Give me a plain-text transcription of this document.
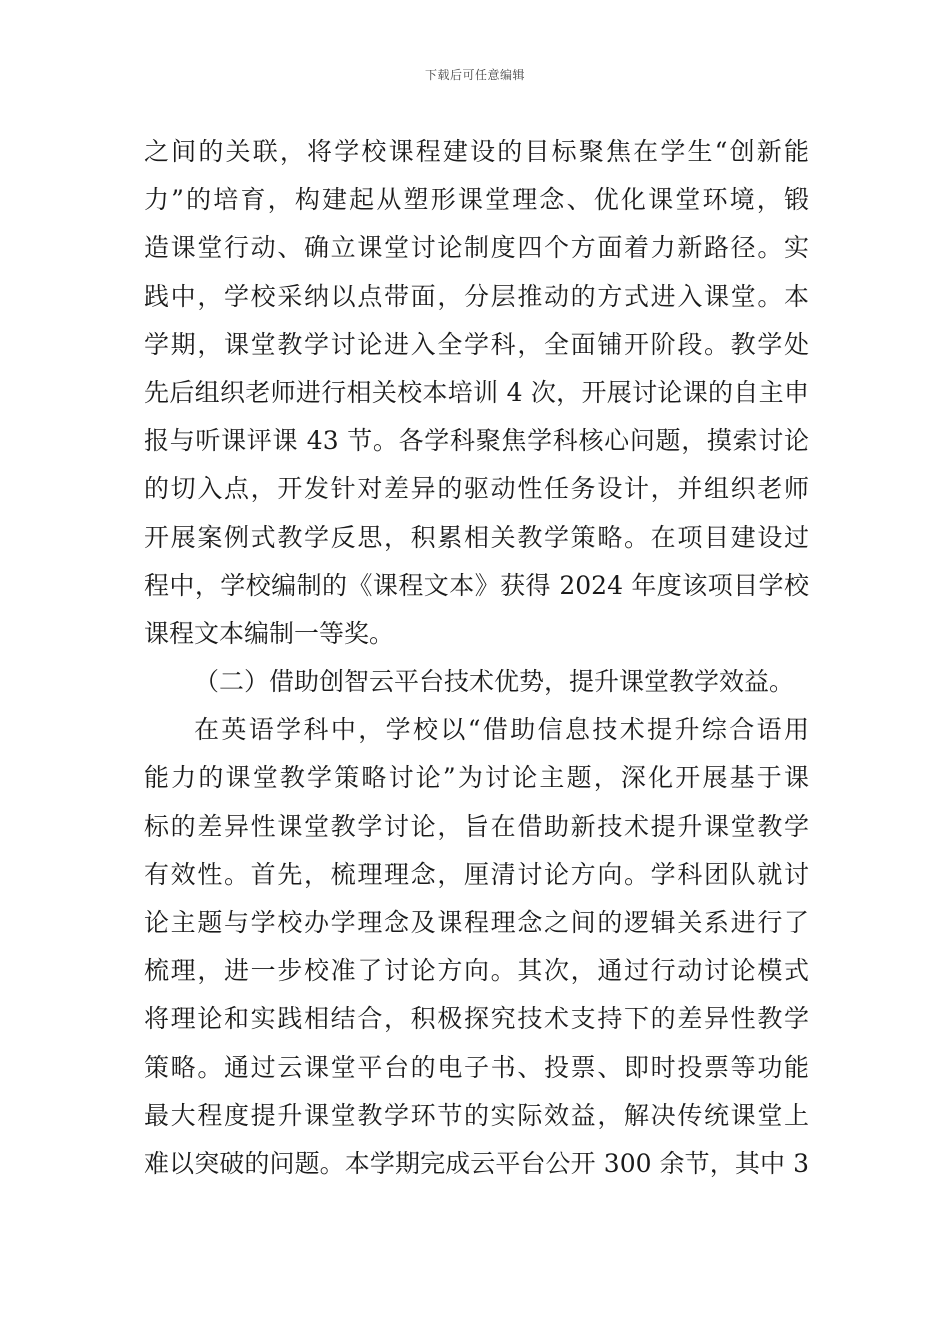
下载后可任意编辑
之间的关联，将学校课程建设的目标聚焦在学生“创新能
力”的培育，构建起从塑形课堂理念、优化课堂环境，锻
造课堂行动、确立课堂讨论制度四个方面着力新路径。实
践中，学校采纳以点带面，分层推动的方式进入课堂。本
学期，课堂教学讨论进入全学科，全面铺开阶段。教学处
先后组织老师进行相关校本培训 4 次，开展讨论课的自主申
报与听课评课 43 节。各学科聚焦学科核心问题，摸索讨论
的切入点，开发针对差异的驱动性任务设计，并组织老师
开展案例式教学反思，积累相关教学策略。在项目建设过
程中，学校编制的《课程文本》获得 2024 年度该项目学校
课程文本编制一等奖。
（二）借助创智云平台技术优势，提升课堂教学效益。
在英语学科中，学校以“借助信息技术提升综合语用
能力的课堂教学策略讨论”为讨论主题，深化开展基于课
标的差异性课堂教学讨论，旨在借助新技术提升课堂教学
有效性。首先，梳理理念，厘清讨论方向。学科团队就讨
论主题与学校办学理念及课程理念之间的逻辑关系进行了
梳理，进一步校准了讨论方向。其次，通过行动讨论模式
将理论和实践相结合，积极探究技术支持下的差异性教学
策略。通过云课堂平台的电子书、投票、即时投票等功能
最大程度提升课堂教学环节的实际效益，解决传统课堂上
难以突破的问题。本学期完成云平台公开 300 余节，其中 3
